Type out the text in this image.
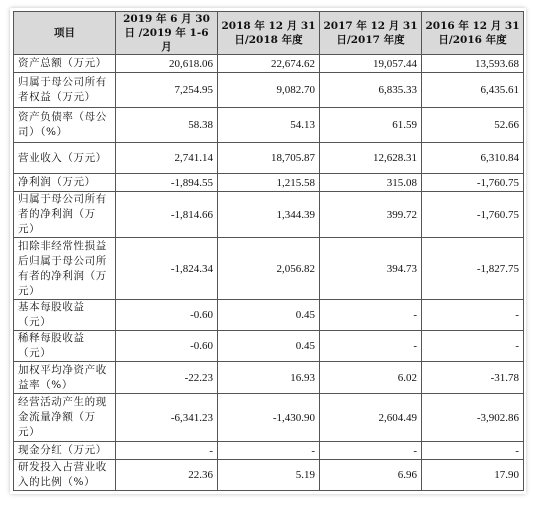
项目	2019 年 6 月 30 日 /2019 年 1-6 月	2018 年 12 月 31 日/2018 年度	2017 年 12 月 31 日/2017 年度	2016 年 12 月 31 日/2016 年度
资产总额（万元）	20,618.06	22,674.62	19,057.44	13,593.68
归属于母公司所有者权益（万元）	7,254.95	9,082.70	6,835.33	6,435.61
资产负债率（母公司）（%）	58.38	54.13	61.59	52.66
营业收入（万元）	2,741.14	18,705.87	12,628.31	6,310.84
净利润（万元）	-1,894.55	1,215.58	315.08	-1,760.75
归属于母公司所有者的净利润（万元）	-1,814.66	1,344.39	399.72	-1,760.75
扣除非经常性损益后归属于母公司所有者的净利润（万元）	-1,824.34	2,056.82	394.73	-1,827.75
基本每股收益（元）	-0.60	0.45	-	-
稀释每股收益（元）	-0.60	0.45	-	-
加权平均净资产收益率（%）	-22.23	16.93	6.02	-31.78
经营活动产生的现金流量净额（万元）	-6,341.23	-1,430.90	2,604.49	-3,902.86
现金分红（万元）	-	-	-	-
研发投入占营业收入的比例（%）	22.36	5.19	6.96	17.90
